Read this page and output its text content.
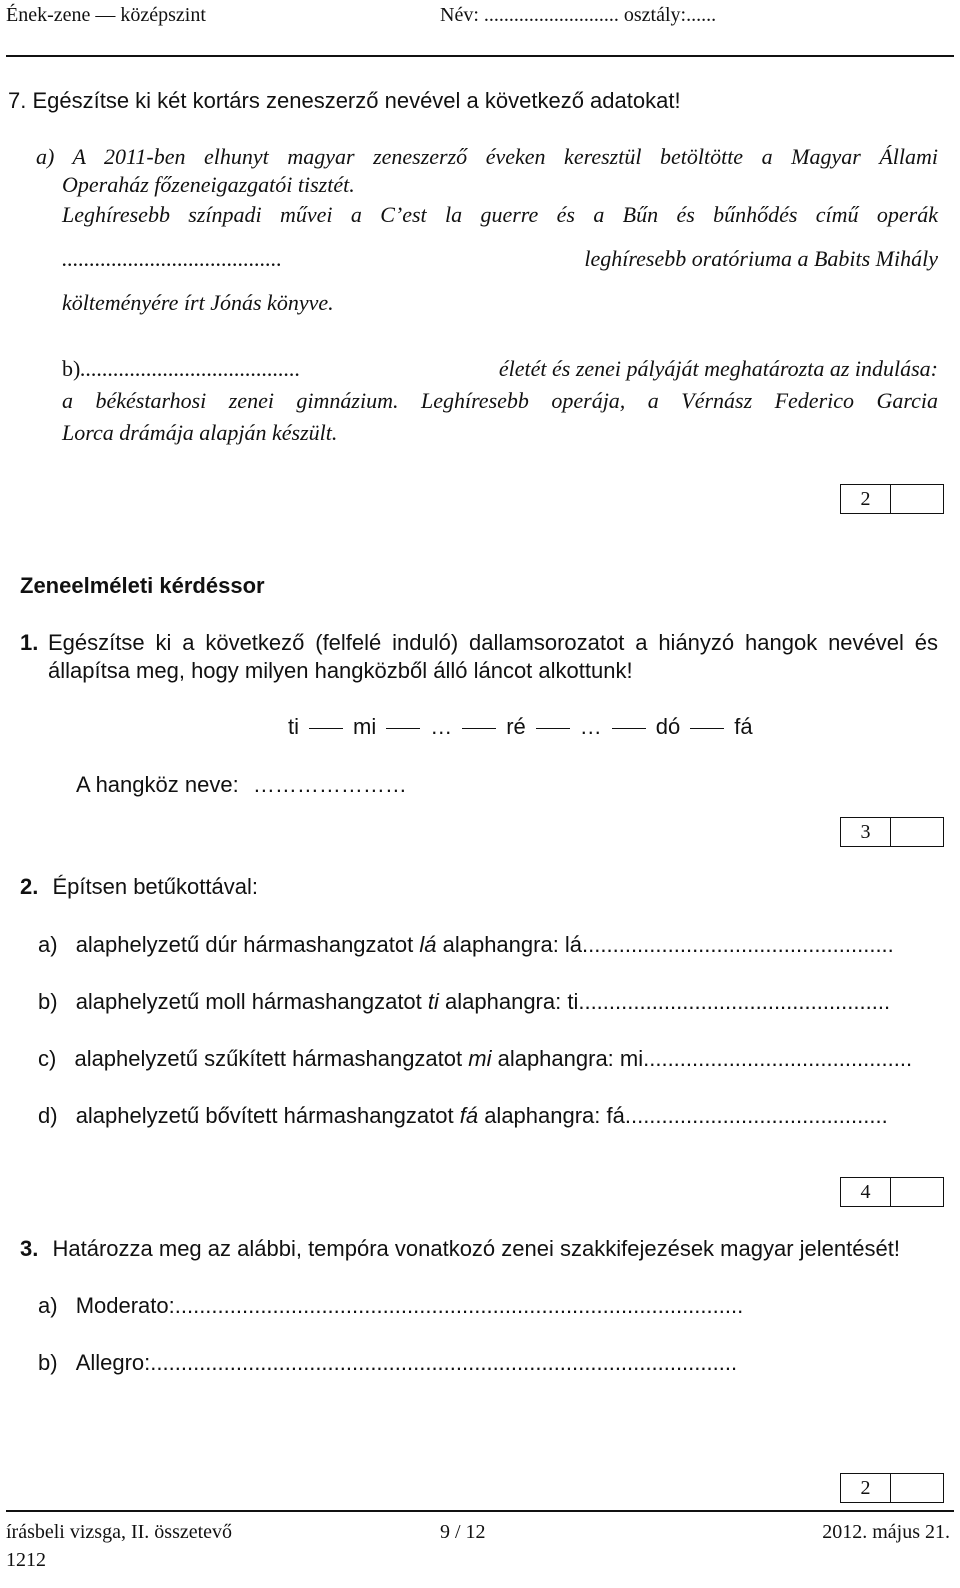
Ének-zene — középszint	Név: ........................... osztály:......
7. Egészítse ki két kortárs zeneszerző nevével a következő adatokat!
a) A 2011-ben elhunyt magyar zeneszerző éveken keresztül betöltötte a Magyar Állami
Operaház főzeneigazgatói tisztét.
Leghíresebb színpadi művei a C’est la guerre és a Bűn és bűnhődés című operák
........................................	leghíresebb oratóriuma a Babits Mihály
költeményére írt Jónás könyve.
b) ........................................	életét és zenei pályáját meghatározta az indulása:
a békéstarhosi zenei gimnázium. Leghíresebb operája, a Vérnász Federico Garcia
Lorca drámája alapján készült.
2
Zeneelméleti kérdéssor
1. Egészítse ki a következő (felfelé induló) dallamsorozatot a hiányzó hangok nevével és
állapítsa meg, hogy milyen hangközből álló láncot alkottunk!
ti mi … ré … dó fá
A hangköz neve: …………………
3
2. Építsen betűkottával:
a) alaphelyzetű dúr hármashangzatot lá alaphangra: lá...................................................
b) alaphelyzetű moll hármashangzatot ti alaphangra: ti...................................................
c) alaphelyzetű szűkített hármashangzatot mi alaphangra: mi............................................
d) alaphelyzetű bővített hármashangzatot fá alaphangra: fá...........................................
4
3. Határozza meg az alábbi, tempóra vonatkozó zenei szakkifejezések magyar jelentését!
a) Moderato:.............................................................................................
b) Allegro:................................................................................................
2
írásbeli vizsga, II. összetevő
1212
9 / 12	2012. május 21.
